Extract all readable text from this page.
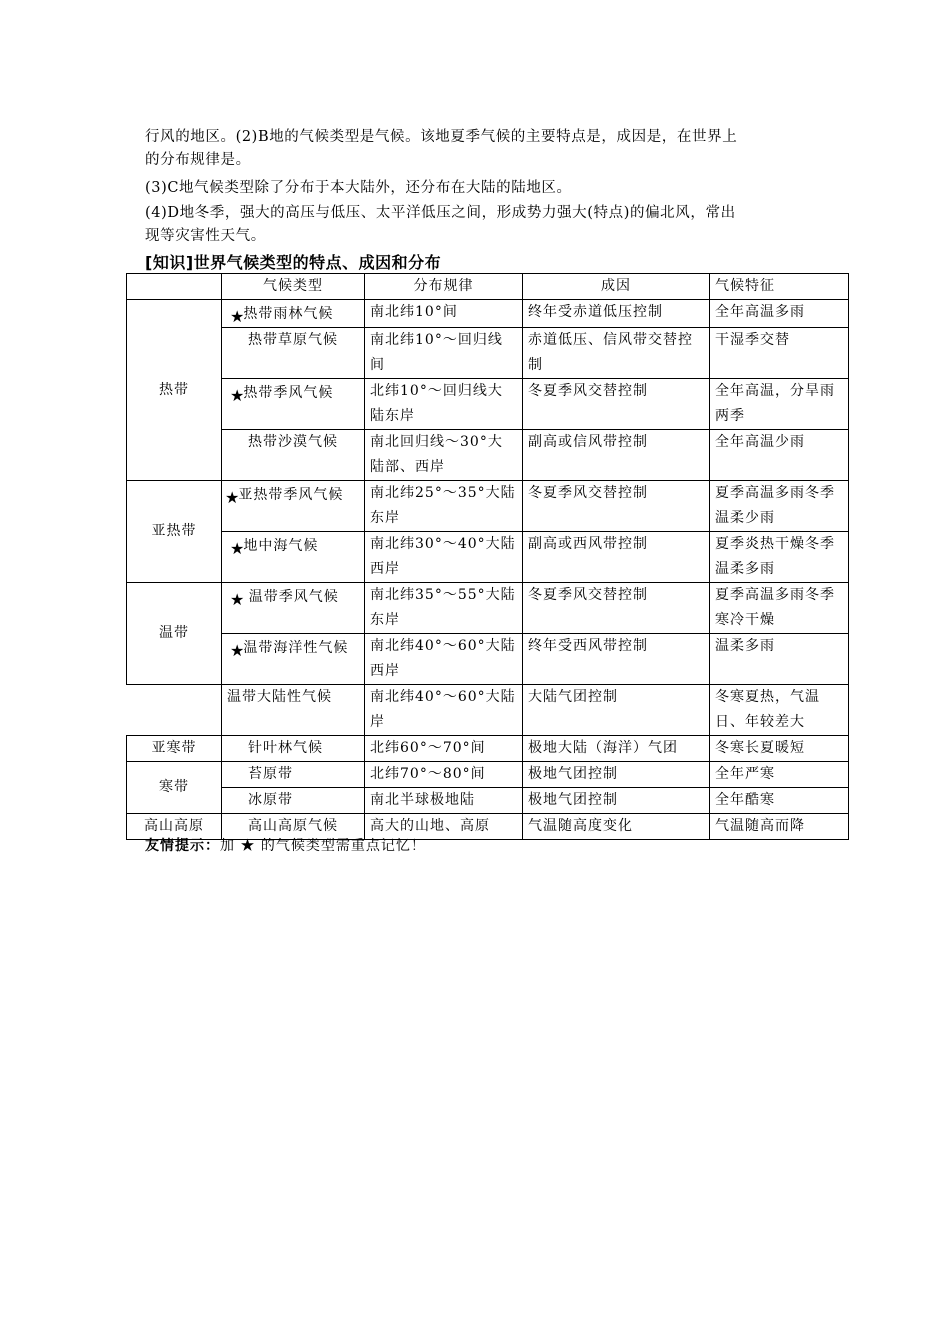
行风的地区。(2)B地的气候类型是气候。该地夏季气候的主要特点是，成因是，在世界上
的分布规律是。
(3)C地气候类型除了分布于本大陆外，还分布在大陆的陆地区。
(4)D地冬季，强大的高压与低压、太平洋低压之间，形成势力强大(特点)的偏北风，常出
现等灾害性天气。
[知识]世界气候类型的特点、成因和分布
	气候类型	分布规律	成因	气候特征
热带	★热带雨林气候	南北纬10°间	终年受赤道低压控制	全年高温多雨
	热带草原气候	南北纬10°～回归线间	赤道低压、信风带交替控制	干湿季交替
	★热带季风气候	北纬10°～回归线大陆东岸	冬夏季风交替控制	全年高温，分旱雨两季
	热带沙漠气候	南北回归线～30°大陆部、西岸	副高或信风带控制	全年高温少雨
亚热带	★亚热带季风气候	南北纬25°～35°大陆东岸	冬夏季风交替控制	夏季高温多雨冬季温柔少雨
	★地中海气候	南北纬30°～40°大陆西岸	副高或西风带控制	夏季炎热干燥冬季温柔多雨
温带	★ 温带季风气候	南北纬35°～55°大陆东岸	冬夏季风交替控制	夏季高温多雨冬季寒冷干燥
	★温带海洋性气候	南北纬40°～60°大陆西岸	终年受西风带控制	温柔多雨
	温带大陆性气候	南北纬40°～60°大陆岸	大陆气团控制	冬寒夏热，气温日、年较差大
亚寒带	针叶林气候	北纬60°～70°间	极地大陆（海洋）气团	冬寒长夏暖短
寒带	苔原带	北纬70°～80°间	极地气团控制	全年严寒
	冰原带	南北半球极地陆	极地气团控制	全年酷寒
高山高原	高山高原气候	高大的山地、高原	气温随高度变化	气温随高而降
友情提示：加 ★ 的气候类型需重点记忆！
